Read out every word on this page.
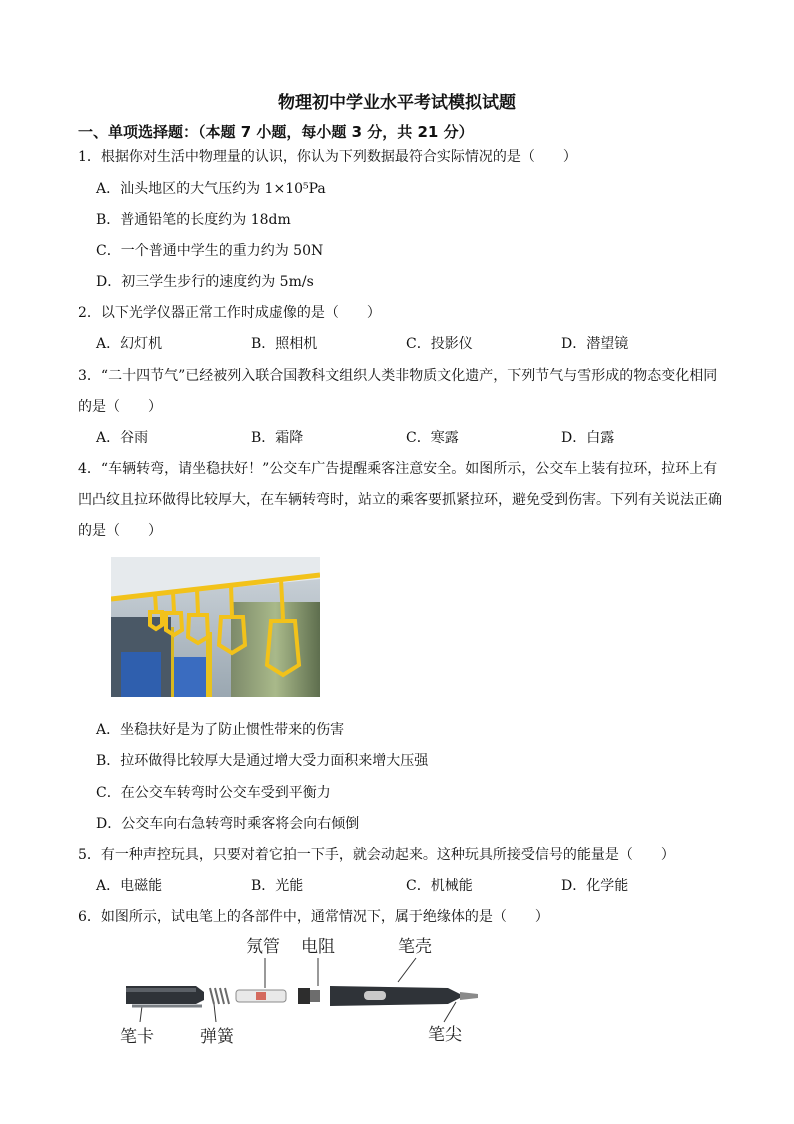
物理初中学业水平考试模拟试题
一、单项选择题：（本题 7 小题，每小题 3 分，共 21 分）
1．根据你对生活中物理量的认识，你认为下列数据最符合实际情况的是（　　）
A．汕头地区的大气压约为 1×10⁵Pa
B．普通铅笔的长度约为 18dm
C．一个普通中学生的重力约为 50N
D．初三学生步行的速度约为 5m/s
2．以下光学仪器正常工作时成虚像的是（　　）
A．幻灯机	B．照相机	C．投影仪	D．潜望镜
3．“二十四节气”已经被列入联合国教科文组织人类非物质文化遗产，下列节气与雪形成的物态变化相同
的是（　　）
A．谷雨	B．霜降	C．寒露	D．白露
4．“车辆转弯，请坐稳扶好！”公交车广告提醒乘客注意安全。如图所示，公交车上装有拉环，拉环上有
凹凸纹且拉环做得比较厚大，在车辆转弯时，站立的乘客要抓紧拉环，避免受到伤害。下列有关说法正确
的是（　　）
A．坐稳扶好是为了防止惯性带来的伤害
B．拉环做得比较厚大是通过增大受力面积来增大压强
C．在公交车转弯时公交车受到平衡力
D．公交车向右急转弯时乘客将会向右倾倒
5．有一种声控玩具，只要对着它拍一下手，就会动起来。这种玩具所接受信号的能量是（　　）
A．电磁能	B．光能	C．机械能	D．化学能
6．如图所示，试电笔上的各部件中，通常情况下，属于绝缘体的是（　　）
氖管 电阻	笔壳
笔卡	弹簧	笔尖
